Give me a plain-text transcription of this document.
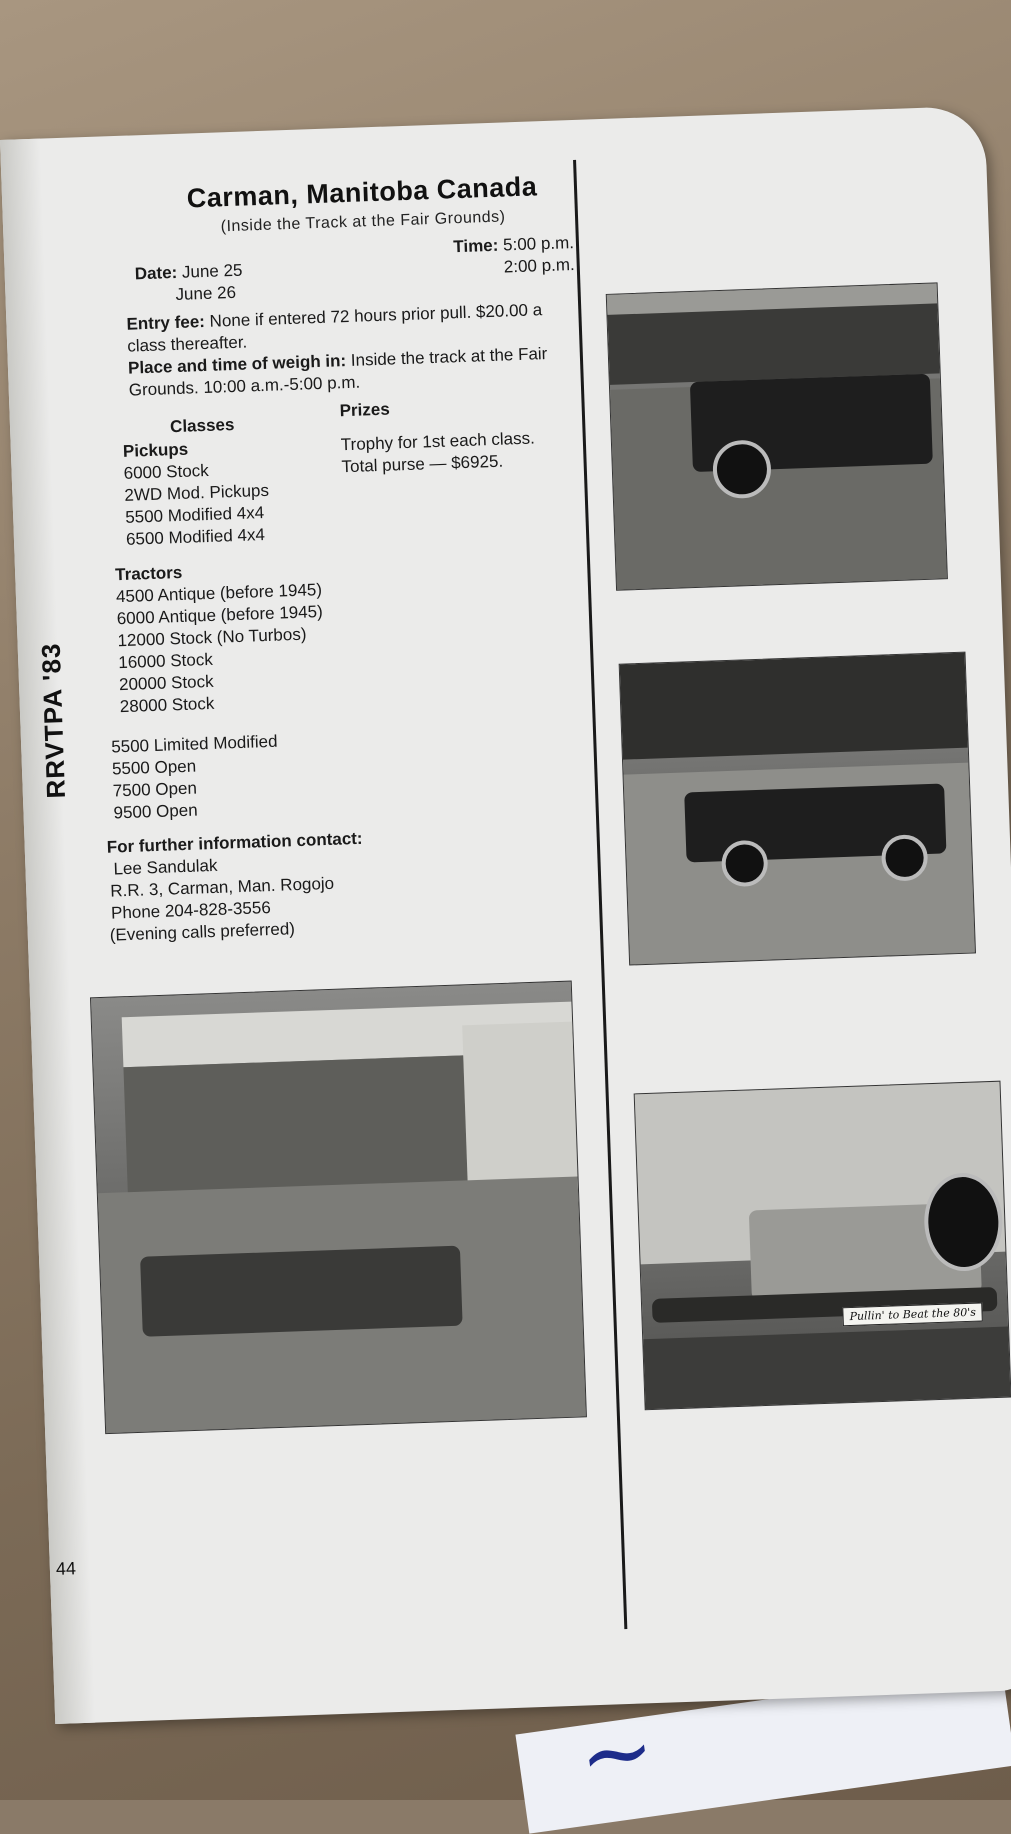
~
Carman, Manitoba Canada
(Inside the Track at the Fair Grounds)
Date: June 25
June 26
Time: 5:00 p.m.
2:00 p.m.
Entry fee: None if entered 72 hours prior pull. $20.00 a class thereafter.
Place and time of weigh in: Inside the track at the Fair Grounds. 10:00 a.m.-5:00 p.m.
Classes
Prizes
Trophy for 1st each class.
Total purse — $6925.
Pickups
6000 Stock
2WD Mod. Pickups
5500 Modified 4x4
6500 Modified 4x4
Tractors
4500 Antique (before 1945)
6000 Antique (before 1945)
12000 Stock (No Turbos)
16000 Stock
20000 Stock
28000 Stock
5500 Limited Modified
5500 Open
7500 Open
9500 Open
For further information contact:
Lee Sandulak
R.R. 3, Carman, Man. Rogojo
Phone 204-828-3556
(Evening calls preferred)
RRVTPA '83
44
Pullin' to Beat the 80's
